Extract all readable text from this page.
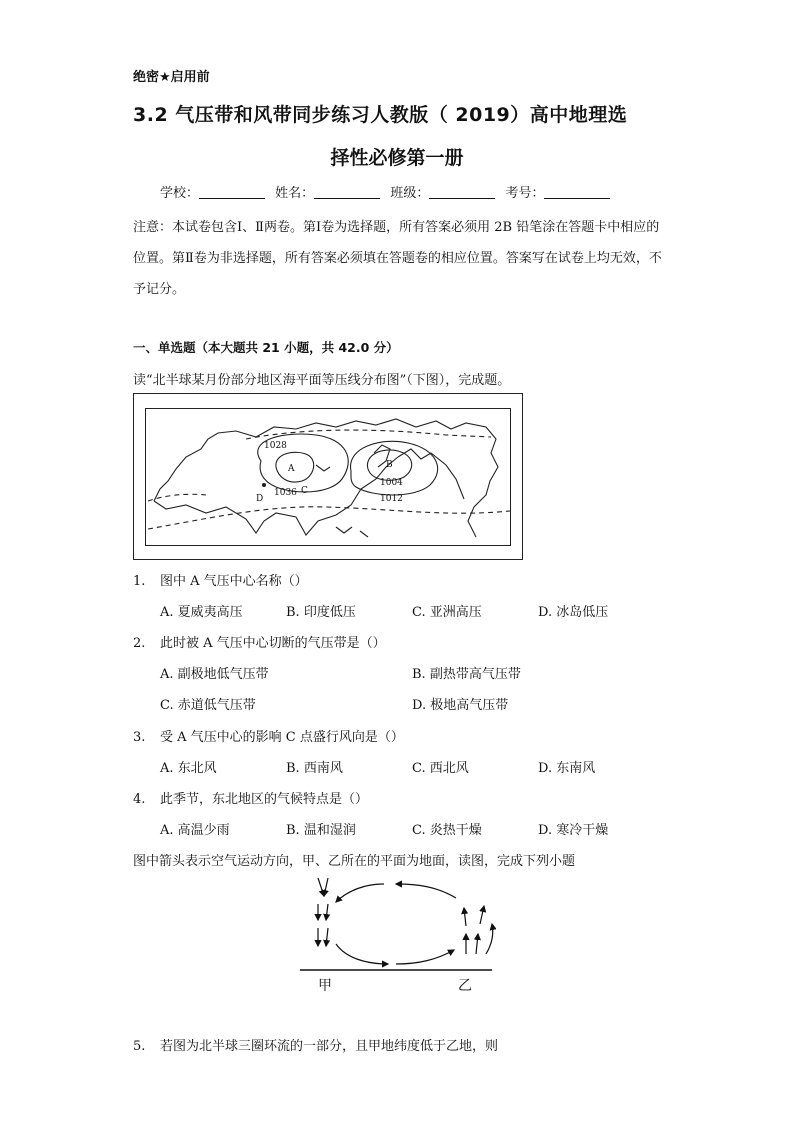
绝密★启用前
3.2 气压带和风带同步练习人教版（ 2019）高中地理选
择性必修第一册
学校：	姓名：	班级：	考号：
注意：本试卷包含Ⅰ、Ⅱ两卷。第Ⅰ卷为选择题，所有答案必须用 2B 铅笔涂在答题卡中相应的位置。第Ⅱ卷为非选择题，所有答案必须填在答题卷的相应位置。答案写在试卷上均无效，不予记分。
一、单选题（本大题共 21 小题，共 42.0 分）
读“北半球某月份部分地区海平面等压线分布图”（下图），完成题。
1028
A
1036
B
1004
1012
C
D
1. 图中 A 气压中心名称（）
A. 夏威夷高压	B. 印度低压	C. 亚洲高压	D. 冰岛低压
2. 此时被 A 气压中心切断的气压带是（）
A. 副极地低气压带	B. 副热带高气压带
C. 赤道低气压带	D. 极地高气压带
3. 受 A 气压中心的影响 C 点盛行风向是（）
A. 东北风	B. 西南风	C. 西北风	D. 东南风
4. 此季节，东北地区的气候特点是（）
A. 高温少雨	B. 温和湿润	C. 炎热干燥	D. 寒冷干燥
图中箭头表示空气运动方向，甲、乙所在的平面为地面，读图，完成下列小题
甲	乙
5. 若图为北半球三圈环流的一部分，且甲地纬度低于乙地，则
